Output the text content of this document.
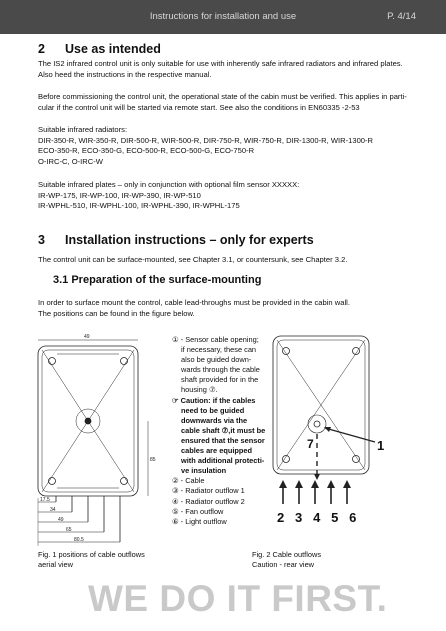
Instructions for installation and use	P. 4/14
2 Use as intended
The IS2 infrared control unit is only suitable for use with inherently safe infrared radiators and infrared plates.
Also heed the instructions in the respective manual.
Before commissioning the control unit, the operational state of the cabin must be verified. This applies in parti-
cular if the control unit will be started via remote start. See also the conditions in EN60335 -2-53
Suitable infrared radiators:
DIR-350-R, WIR-350-R, DIR-500-R, WIR-500-R, DIR-750-R, WIR-750-R, DIR-1300-R, WIR-1300-R
ECO-350-R, ECO-350-G, ECO-500-R, ECO-500-G, ECO-750-R
O-IRC-C, O-IRC-W
Suitable infrared plates – only in conjunction with optional film sensor XXXXX:
IR-WP-175, IR-WP-100, IR-WP-390, IR-WP-510
IR-WPHL-510, IR-WPHL-100, IR-WPHL-390, IR-WPHL-175
3 Installation instructions – only for experts
The control unit can be surface-mounted, see Chapter 3.1, or countersunk, see Chapter 3.2.
3.1 Preparation of the surface-mounting
In order to surface mount the control, cable lead-throughs must be provided in the cabin wall.
The positions can be found in the figure below.
49
85
17.5
34
49
65
80.5
① - Sensor cable opening;
if necessary, these can
also be guided down-
wards through the cable
shaft provided for in the
housing ⑦.
☞ Caution: if the cables
need to be guided
downwards via the
cable shaft ⑦,it must be
ensured that the sensor
cables are equipped
with additional protecti-
ve insulation
② - Cable
③ - Radiator outflow 1
④ - Radiator outflow 2
⑤ - Fan outflow
⑥ - Light outflow
1
7
2 3 4 5 6
Fig. 1 positions of cable outflows
aerial view
Fig. 2 Cable outflows
Caution - rear view
WE DO IT FIRST.
